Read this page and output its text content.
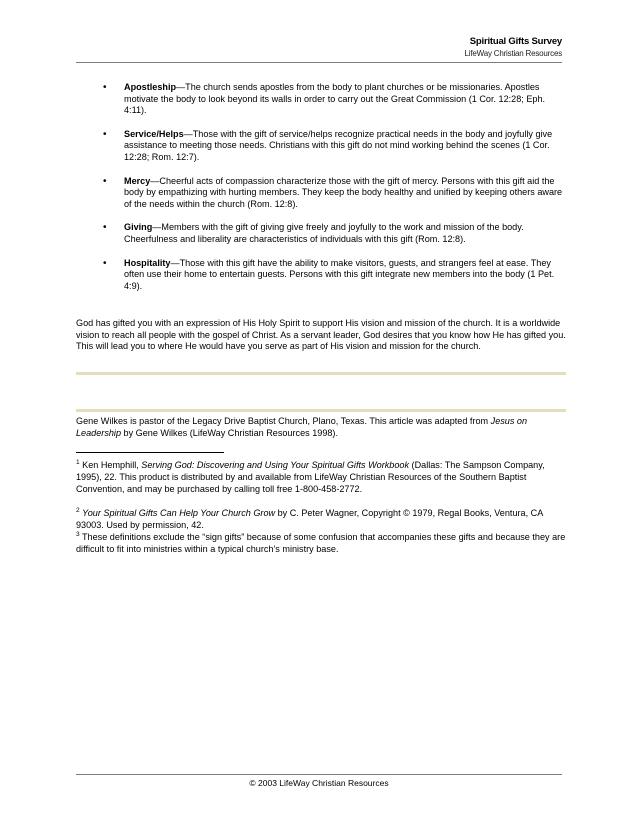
Spiritual Gifts Survey
LifeWay Christian Resources
• Apostleship—The church sends apostles from the body to plant churches or be missionaries. Apostles motivate the body to look beyond its walls in order to carry out the Great Commission (1 Cor. 12:28; Eph. 4:11).
• Service/Helps—Those with the gift of service/helps recognize practical needs in the body and joyfully give assistance to meeting those needs. Christians with this gift do not mind working behind the scenes (1 Cor. 12:28; Rom. 12:7).
• Mercy—Cheerful acts of compassion characterize those with the gift of mercy. Persons with this gift aid the body by empathizing with hurting members. They keep the body healthy and unified by keeping others aware of the needs within the church (Rom. 12:8).
• Giving—Members with the gift of giving give freely and joyfully to the work and mission of the body. Cheerfulness and liberality are characteristics of individuals with this gift (Rom. 12:8).
• Hospitality—Those with this gift have the ability to make visitors, guests, and strangers feel at ease. They often use their home to entertain guests. Persons with this gift integrate new members into the body (1 Pet. 4:9).

God has gifted you with an expression of His Holy Spirit to support His vision and mission of the church. It is a worldwide vision to reach all people with the gospel of Christ. As a servant leader, God desires that you know how He has gifted you. This will lead you to where He would have you serve as part of His vision and mission for the church.

Gene Wilkes is pastor of the Legacy Drive Baptist Church, Plano, Texas. This article was adapted from Jesus on Leadership by Gene Wilkes (LifeWay Christian Resources 1998).

$^1$ Ken Hemphill, Serving God: Discovering and Using Your Spiritual Gifts Workbook (Dallas: The Sampson Company, 1995), 22. This product is distributed by and available from LifeWay Christian Resources of the Southern Baptist Convention, and may be purchased by calling toll free 1-800-458-2772.

$^2$ Your Spiritual Gifts Can Help Your Church Grow by C. Peter Wagner, Copyright © 1979, Regal Books, Ventura, CA 93003. Used by permission, 42.

$^3$ These definitions exclude the “sign gifts” because of some confusion that accompanies these gifts and because they are difficult to fit into ministries within a typical church’s ministry base.

© 2003 LifeWay Christian Resources
